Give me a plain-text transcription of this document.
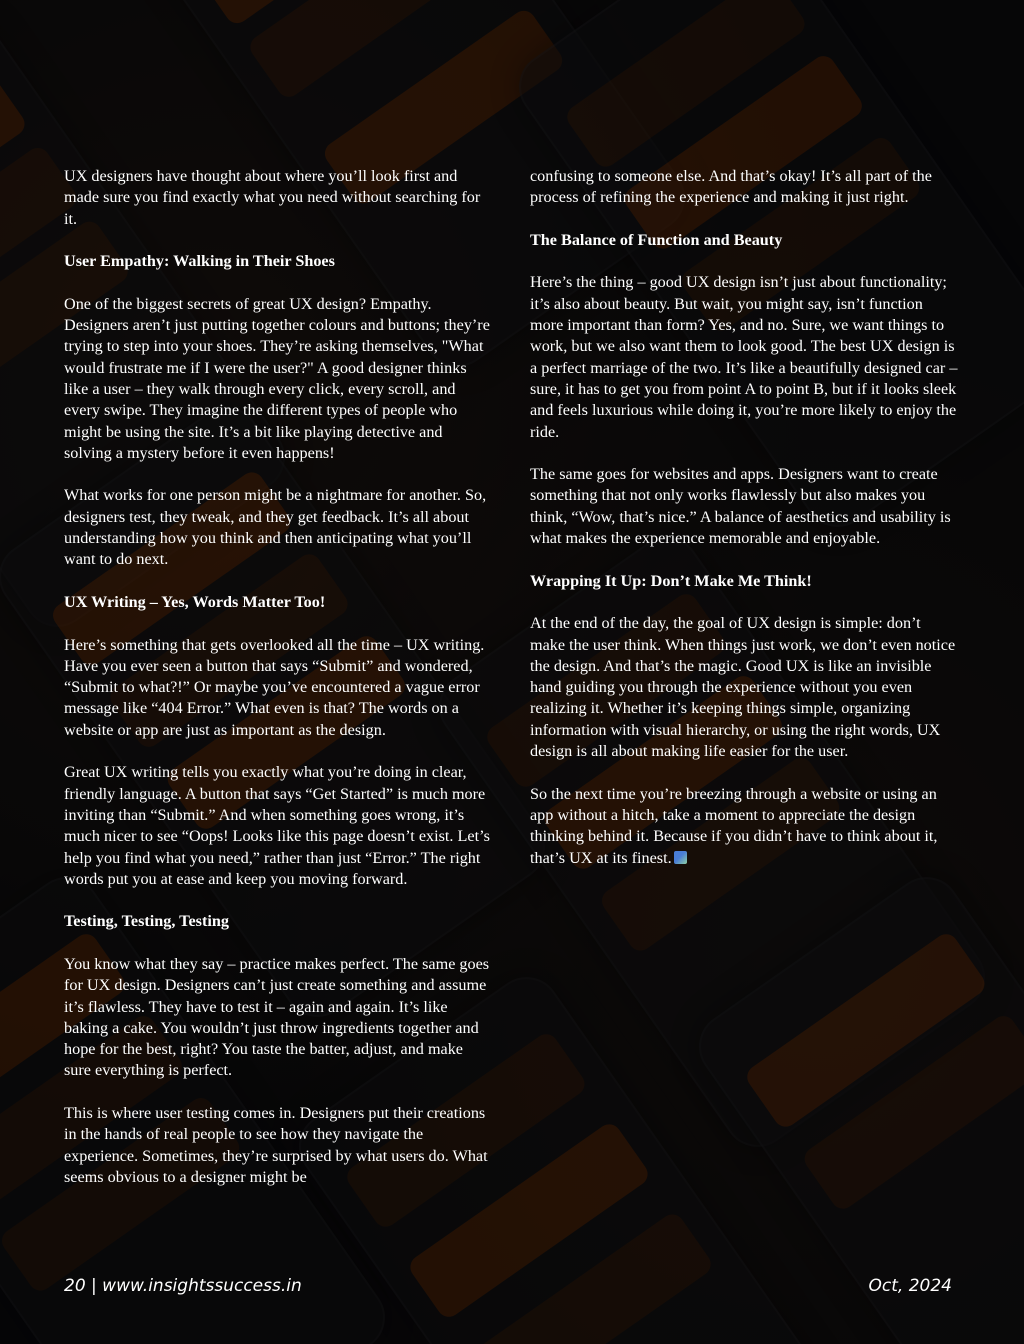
UX designers have thought about where you’ll look first and made sure you find exactly what you need without searching for it.

User Empathy: Walking in Their Shoes

One of the biggest secrets of great UX design? Empathy. Designers aren’t just putting together colours and buttons; they’re trying to step into your shoes. They’re asking themselves, "What would frustrate me if I were the user?" A good designer thinks like a user – they walk through every click, every scroll, and every swipe. They imagine the different types of people who might be using the site. It’s a bit like playing detective and solving a mystery before it even happens!

What works for one person might be a nightmare for another. So, designers test, they tweak, and they get feedback. It’s all about understanding how you think and then anticipating what you’ll want to do next.

UX Writing – Yes, Words Matter Too!

Here’s something that gets overlooked all the time – UX writing. Have you ever seen a button that says “Submit” and wondered, “Submit to what?!” Or maybe you’ve encountered a vague error message like “404 Error.” What even is that? The words on a website or app are just as important as the design.

Great UX writing tells you exactly what you’re doing in clear, friendly language. A button that says “Get Started” is much more inviting than “Submit.” And when something goes wrong, it’s much nicer to see “Oops! Looks like this page doesn’t exist. Let’s help you find what you need,” rather than just “Error.” The right words put you at ease and keep you moving forward.

Testing, Testing, Testing

You know what they say – practice makes perfect. The same goes for UX design. Designers can’t just create something and assume it’s flawless. They have to test it – again and again. It’s like baking a cake. You wouldn’t just throw ingredients together and hope for the best, right? You taste the batter, adjust, and make sure everything is perfect.

This is where user testing comes in. Designers put their creations in the hands of real people to see how they navigate the experience. Sometimes, they’re surprised by what users do. What seems obvious to a designer might be

confusing to someone else. And that’s okay! It’s all part of the process of refining the experience and making it just right.

The Balance of Function and Beauty

Here’s the thing – good UX design isn’t just about functionality; it’s also about beauty. But wait, you might say, isn’t function more important than form? Yes, and no. Sure, we want things to work, but we also want them to look good. The best UX design is a perfect marriage of the two. It’s like a beautifully designed car – sure, it has to get you from point A to point B, but if it looks sleek and feels luxurious while doing it, you’re more likely to enjoy the ride.

The same goes for websites and apps. Designers want to create something that not only works flawlessly but also makes you think, “Wow, that’s nice.” A balance of aesthetics and usability is what makes the experience memorable and enjoyable.

Wrapping It Up: Don’t Make Me Think!

At the end of the day, the goal of UX design is simple: don’t make the user think. When things just work, we don’t even notice the design. And that’s the magic. Good UX is like an invisible hand guiding you through the experience without you even realizing it. Whether it’s keeping things simple, organizing information with visual hierarchy, or using the right words, UX design is all about making life easier for the user.

So the next time you’re breezing through a website or using an app without a hitch, take a moment to appreciate the design thinking behind it. Because if you didn’t have to think about it, that’s UX at its finest.

20 | www.insightssuccess.in	Oct, 2024
